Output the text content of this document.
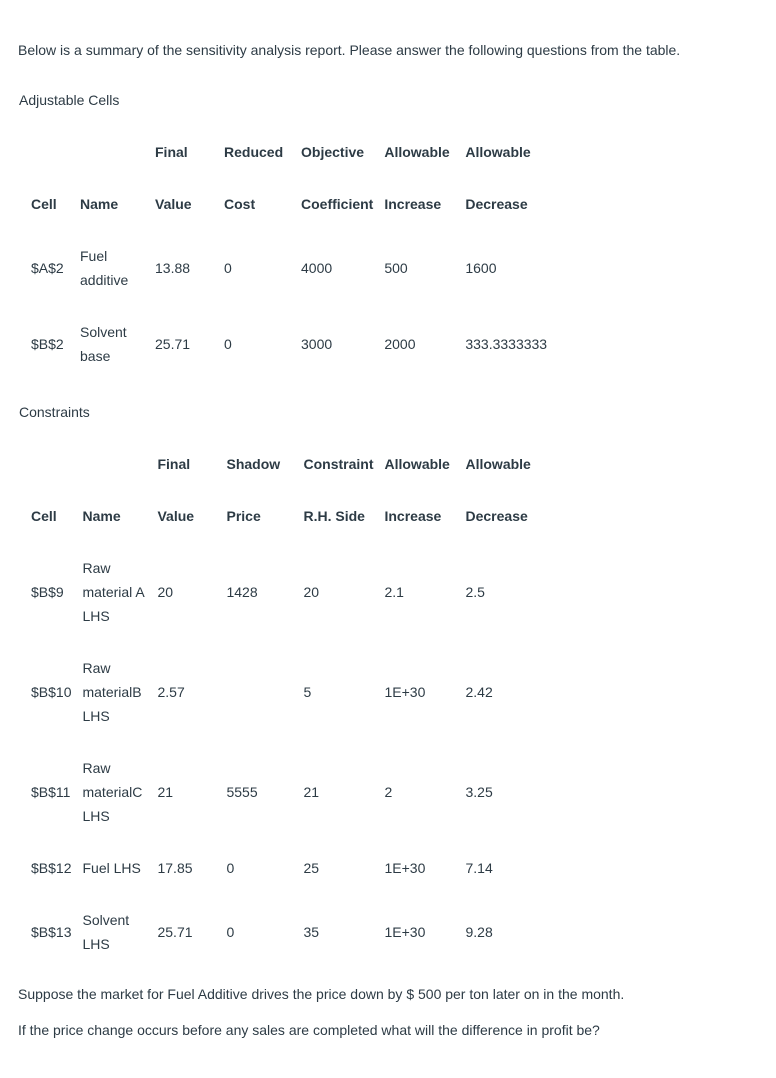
Below is a summary of the sensitivity analysis report. Please answer the following questions from the table.
Adjustable Cells
		Final	Reduced	Objective	Allowable	Allowable
Cell	Name	Value	Cost	Coefficient	Increase	Decrease
$A$2	Fuel additive	13.88	0	4000	500	1600
$B$2	Solvent base	25.71	0	3000	2000	333.3333333
Constraints
		Final	Shadow	Constraint	Allowable	Allowable
Cell	Name	Value	Price	R.H. Side	Increase	Decrease
$B$9	Raw material A LHS	20	1428	20	2.1	2.5
$B$10	Raw materialB LHS	2.57		5	1E+30	2.42
$B$11	Raw materialC LHS	21	5555	21	2	3.25
$B$12	Fuel LHS	17.85	0	25	1E+30	7.14
$B$13	Solvent LHS	25.71	0	35	1E+30	9.28
Suppose the market for Fuel Additive drives the price down by $ 500 per ton later on in the month.
If the price change occurs before any sales are completed what will the difference in profit be?
